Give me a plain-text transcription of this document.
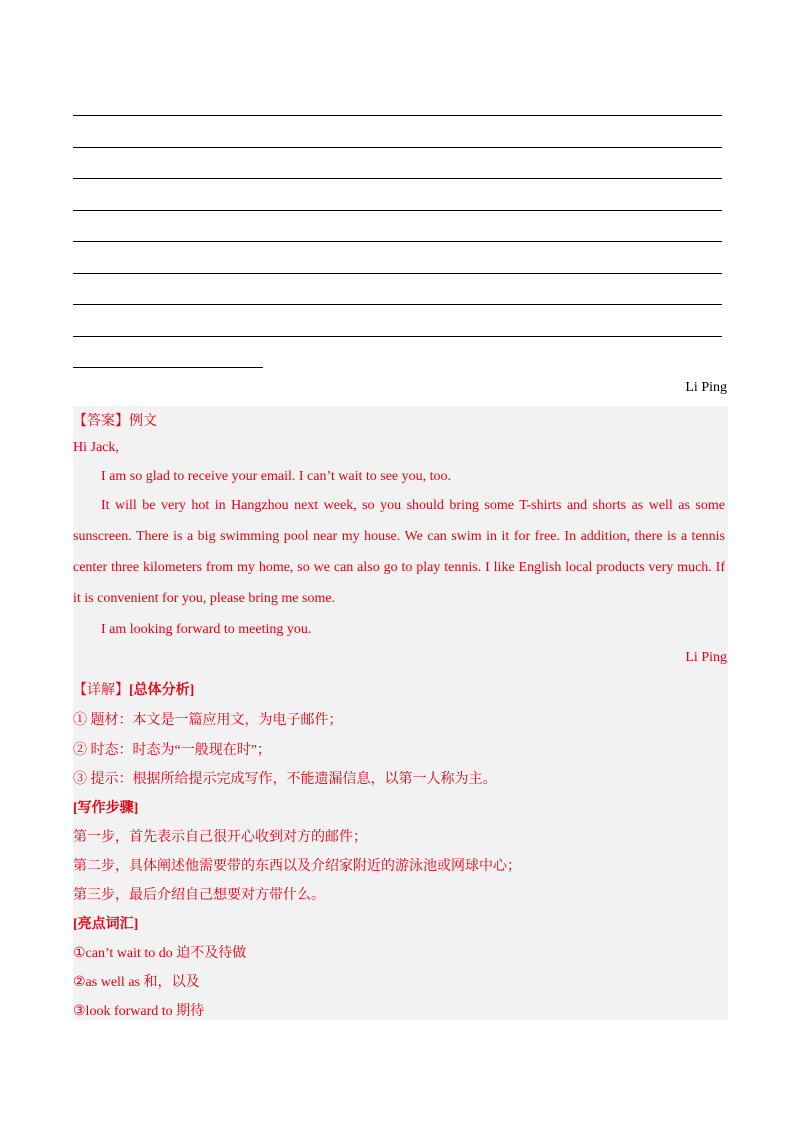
Li Ping
【答案】例文
Hi Jack,
I am so glad to receive your email. I can’t wait to see you, too.
It will be very hot in Hangzhou next week, so you should bring some T-shirts and shorts as well as some sunscreen. There is a big swimming pool near my house. We can swim in it for free. In addition, there is a tennis center three kilometers from my home, so we can also go to play tennis. I like English local products very much. If it is convenient for you, please bring me some.
I am looking forward to meeting you.
Li Ping
【详解】[总体分析]
① 题材：本文是一篇应用文，为电子邮件；
② 时态：时态为“一般现在时”；
③ 提示：根据所给提示完成写作，不能遗漏信息，以第一人称为主。
[写作步骤]
第一步，首先表示自己很开心收到对方的邮件；
第二步，具体阐述他需要带的东西以及介绍家附近的游泳池或网球中心；
第三步，最后介绍自己想要对方带什么。
[亮点词汇]
①can’t wait to do 迫不及待做
②as well as 和，以及
③look forward to 期待
